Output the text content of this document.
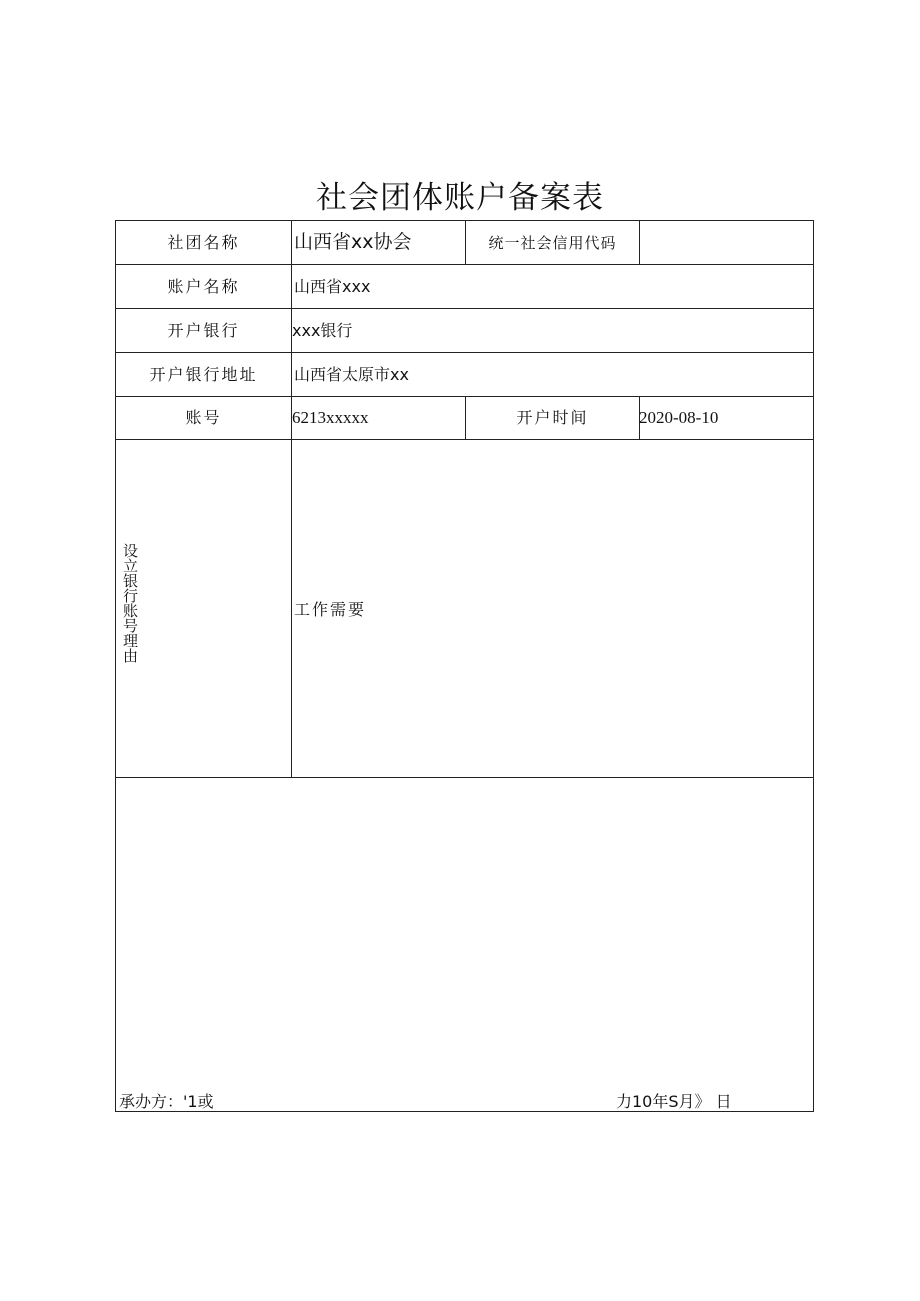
社会团体账户备案表
社团名称	山西省xx协会	统一社会信用代码
账户名称	山西省xxx
开户银行	xxx银行
开户银行地址	山西省太原市xx
账号	6213xxxxx	开户时间	2020-08-10
设立银行账号理由	工作需要
承办方：'1或	力10年S月》 日
